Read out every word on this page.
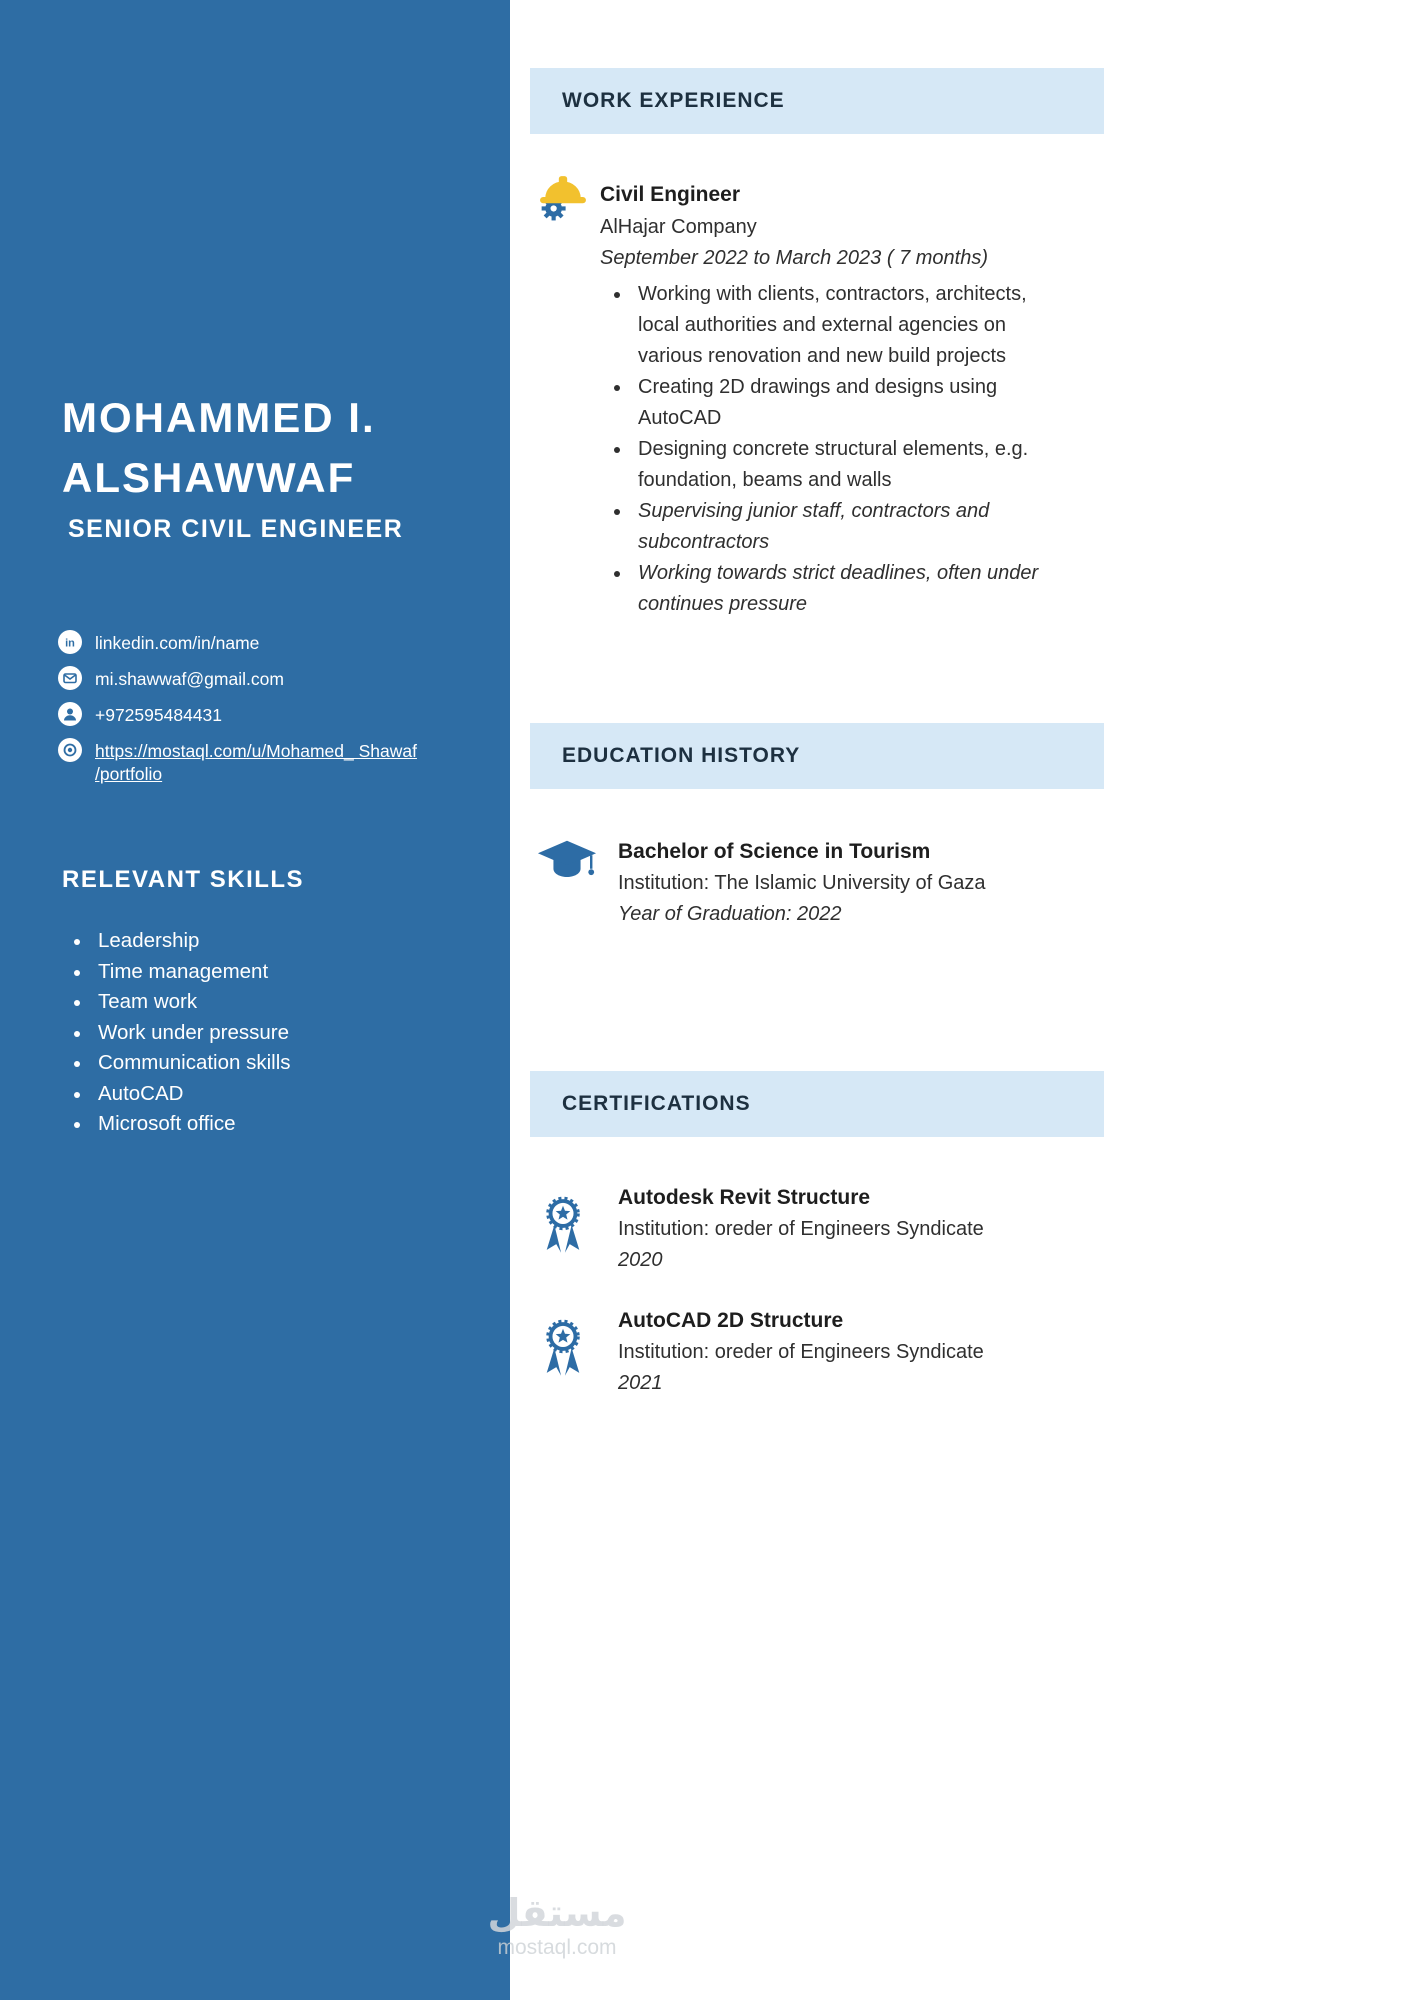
MOHAMMED I.
ALSHAWWAF
SENIOR CIVIL ENGINEER
in linkedin.com/in/name
mi.shawwaf@gmail.com
+972595484431
https://mostaql.com/u/Mohamed_ Shawaf
/portfolio
RELEVANT SKILLS
Leadership
Time management
Team work
Work under pressure
Communication skills
AutoCAD
Microsoft office
WORK EXPERIENCE
Civil Engineer
AlHajar Company
September 2022 to March 2023 ( 7 months)
Working with clients, contractors, architects, local authorities and external agencies on various renovation and new build projects
Creating 2D drawings and designs using AutoCAD
Designing concrete structural elements, e.g. foundation, beams and walls
Supervising junior staff, contractors and subcontractors
Working towards strict deadlines, often under continues pressure
EDUCATION HISTORY
Bachelor of Science in Tourism
Institution: The Islamic University of Gaza
Year of Graduation: 2022
CERTIFICATIONS
Autodesk Revit Structure
Institution: oreder of Engineers Syndicate
2020
AutoCAD 2D Structure
Institution: oreder of Engineers Syndicate
2021
مستقل
mostaql.com
